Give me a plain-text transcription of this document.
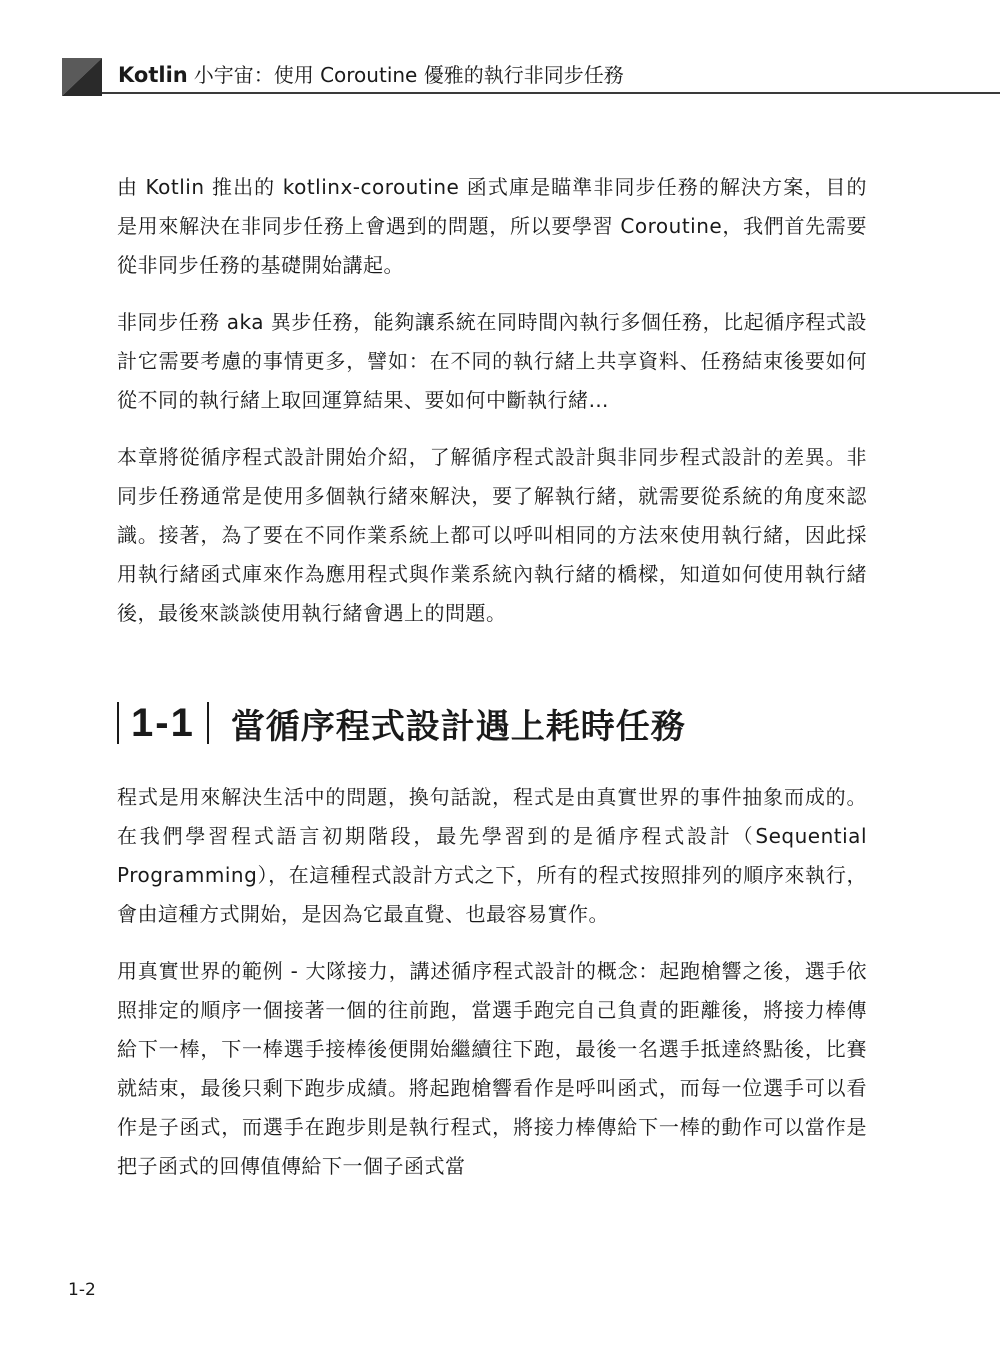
Kotlin 小宇宙：使用 Coroutine 優雅的執行非同步任務

由 Kotlin 推出的 kotlinx-coroutine 函式庫是瞄準非同步任務的解決方案，目的是用來解決在非同步任務上會遇到的問題，所以要學習 Coroutine，我們首先需要從非同步任務的基礎開始講起。

非同步任務 aka 異步任務，能夠讓系統在同時間內執行多個任務，比起循序程式設計它需要考慮的事情更多，譬如：在不同的執行緒上共享資料、任務結束後要如何從不同的執行緒上取回運算結果、要如何中斷執行緒…

本章將從循序程式設計開始介紹，了解循序程式設計與非同步程式設計的差異。非同步任務通常是使用多個執行緒來解決，要了解執行緒，就需要從系統的角度來認識。接著，為了要在不同作業系統上都可以呼叫相同的方法來使用執行緒，因此採用執行緒函式庫來作為應用程式與作業系統內執行緒的橋樑，知道如何使用執行緒後，最後來談談使用執行緒會遇上的問題。

1-1 當循序程式設計遇上耗時任務

程式是用來解決生活中的問題，換句話說，程式是由真實世界的事件抽象而成的。在我們學習程式語言初期階段，最先學習到的是循序程式設計（Sequential Programming），在這種程式設計方式之下，所有的程式按照排列的順序來執行，會由這種方式開始，是因為它最直覺、也最容易實作。

用真實世界的範例 - 大隊接力，講述循序程式設計的概念：起跑槍響之後，選手依照排定的順序一個接著一個的往前跑，當選手跑完自己負責的距離後，將接力棒傳給下一棒，下一棒選手接棒後便開始繼續往下跑，最後一名選手抵達終點後，比賽就結束，最後只剩下跑步成績。將起跑槍響看作是呼叫函式，而每一位選手可以看作是子函式，而選手在跑步則是執行程式，將接力棒傳給下一棒的動作可以當作是把子函式的回傳值傳給下一個子函式當

1-2
